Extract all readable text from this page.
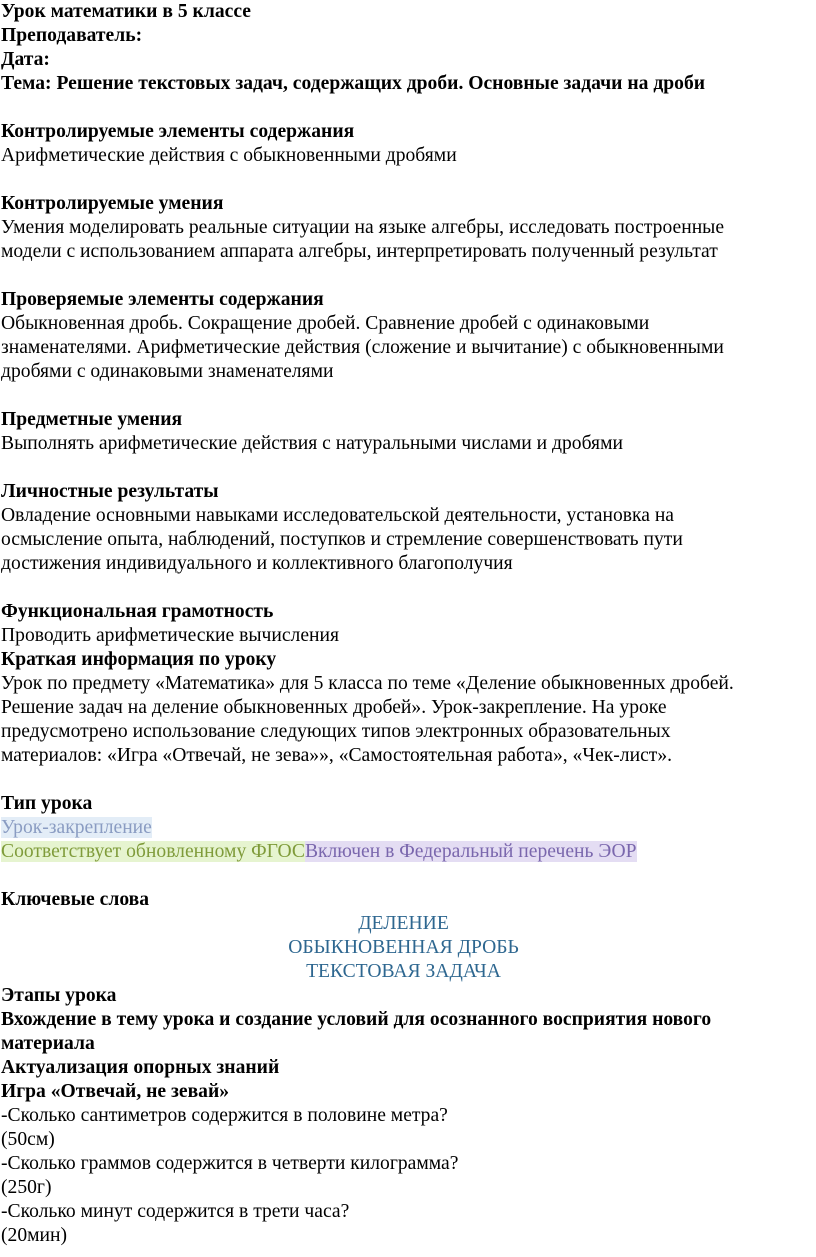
Урок математики в 5 классе
Преподаватель:
Дата:
Тема: Решение текстовых задач, содержащих дроби. Основные задачи на дроби
Контролируемые элементы содержания
Арифметические действия с обыкновенными дробями
Контролируемые умения
Умения моделировать реальные ситуации на языке алгебры, исследовать построенные
модели с использованием аппарата алгебры, интерпретировать полученный результат
Проверяемые элементы содержания
Обыкновенная дробь. Сокращение дробей. Сравнение дробей с одинаковыми
знаменателями. Арифметические действия (сложение и вычитание) с обыкновенными
дробями с одинаковыми знаменателями
Предметные умения
Выполнять арифметические действия с натуральными числами и дробями
Личностные результаты
Овладение основными навыками исследовательской деятельности, установка на
осмысление опыта, наблюдений, поступков и стремление совершенствовать пути
достижения индивидуального и коллективного благополучия
Функциональная грамотность
Проводить арифметические вычисления
Краткая информация по уроку
Урок по предмету «Математика» для 5 класса по теме «Деление обыкновенных дробей.
Решение задач на деление обыкновенных дробей». Урок-закрепление. На уроке
предусмотрено использование следующих типов электронных образовательных
материалов: «Игра «Отвечай, не зева»», «Самостоятельная работа», «Чек-лист».
Тип урока
Урок-закрепление
Соответствует обновленному ФГОСВключен в Федеральный перечень ЭОР
Ключевые слова
ДЕЛЕНИЕ
ОБЫКНОВЕННАЯ ДРОБЬ
ТЕКСТОВАЯ ЗАДАЧА
Этапы урока
Вхождение в тему урока и создание условий для осознанного восприятия нового
материала
Актуализация опорных знаний
Игра «Отвечай, не зевай»
-Сколько сантиметров содержится в половине метра?
(50см)
-Сколько граммов содержится в четверти килограмма?
(250г)
-Сколько минут содержится в трети часа?
(20мин)
